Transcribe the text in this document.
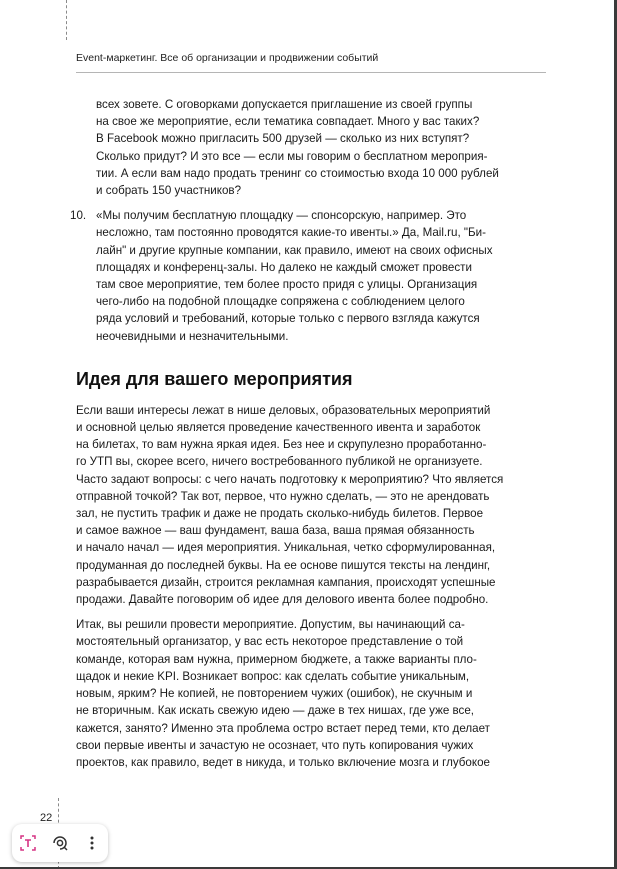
Event-маркетинг. Все об организации и продвижении событий
всех зовете. С оговорками допускается приглашение из своей группы
на свое же мероприятие, если тематика совпадает. Много у вас таких?
В Facebook можно пригласить 500 друзей — сколько из них вступят?
Сколько придут? И это все — если мы говорим о бесплатном мероприя-
тии. А если вам надо продать тренинг со стоимостью входа 10 000 рублей
и собрать 150 участников?
10. «Мы получим бесплатную площадку — спонсорскую, например. Это
несложно, там постоянно проводятся какие-то ивенты.» Да, Mail.ru, "Би-
лайн" и другие крупные компании, как правило, имеют на своих офисных
площадях и конференц-залы. Но далеко не каждый сможет провести
там свое мероприятие, тем более просто придя с улицы. Организация
чего-либо на подобной площадке сопряжена с соблюдением целого
ряда условий и требований, которые только с первого взгляда кажутся
неочевидными и незначительными.
Идея для вашего мероприятия

Если ваши интересы лежат в нише деловых, образовательных мероприятий
и основной целью является проведение качественного ивента и заработок
на билетах, то вам нужна яркая идея. Без нее и скрупулезно проработанно-
го УТП вы, скорее всего, ничего востребованного публикой не организуете.
Часто задают вопросы: с чего начать подготовку к мероприятию? Что является
отправной точкой? Так вот, первое, что нужно сделать, — это не арендовать
зал, не пустить трафик и даже не продать сколько-нибудь билетов. Первое
и самое важное — ваш фундамент, ваша база, ваша прямая обязанность
и начало начал — идея мероприятия. Уникальная, четко сформулированная,
продуманная до последней буквы. На ее основе пишутся тексты на лендинг,
разрабывается дизайн, строится рекламная кампания, происходят успешные
продажи. Давайте поговорим об идее для делового ивента более подробно.

Итак, вы решили провести мероприятие. Допустим, вы начинающий са-
мостоятельный организатор, у вас есть некоторое представление о той
команде, которая вам нужна, примерном бюджете, а также варианты пло-
щадок и некие KPI. Возникает вопрос: как сделать событие уникальным,
новым, ярким? Не копией, не повторением чужих (ошибок), не скучным и
не вторичным. Как искать свежую идею — даже в тех нишах, где уже все,
кажется, занято? Именно эта проблема остро встает перед теми, кто делает
свои первые ивенты и зачастую не осознает, что путь копирования чужих
проектов, как правило, ведет в никуда, и только включение мозга и глубокое

22
